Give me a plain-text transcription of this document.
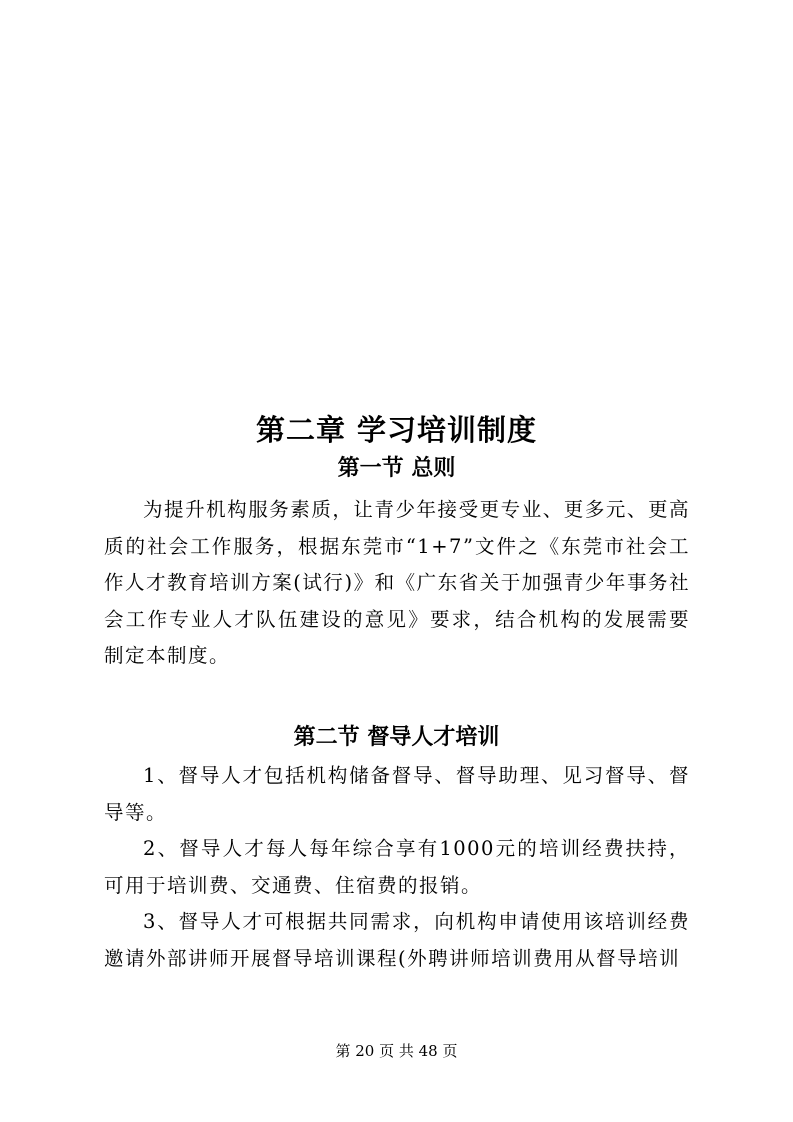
第二章 学习培训制度
第一节 总则

为提升机构服务素质，让青少年接受更专业、更多元、更高质的社会工作服务，根据东莞市“1+7”文件之《东莞市社会工作人才教育培训方案(试行)》和《广东省关于加强青少年事务社会工作专业人才队伍建设的意见》要求，结合机构的发展需要制定本制度。

第二节 督导人才培训

1、督导人才包括机构储备督导、督导助理、见习督导、督导等。

2、督导人才每人每年综合享有1000元的培训经费扶持，可用于培训费、交通费、住宿费的报销。

3、督导人才可根据共同需求，向机构申请使用该培训经费邀请外部讲师开展督导培训课程(外聘讲师培训费用从督导培训

第 20 页 共 48 页
